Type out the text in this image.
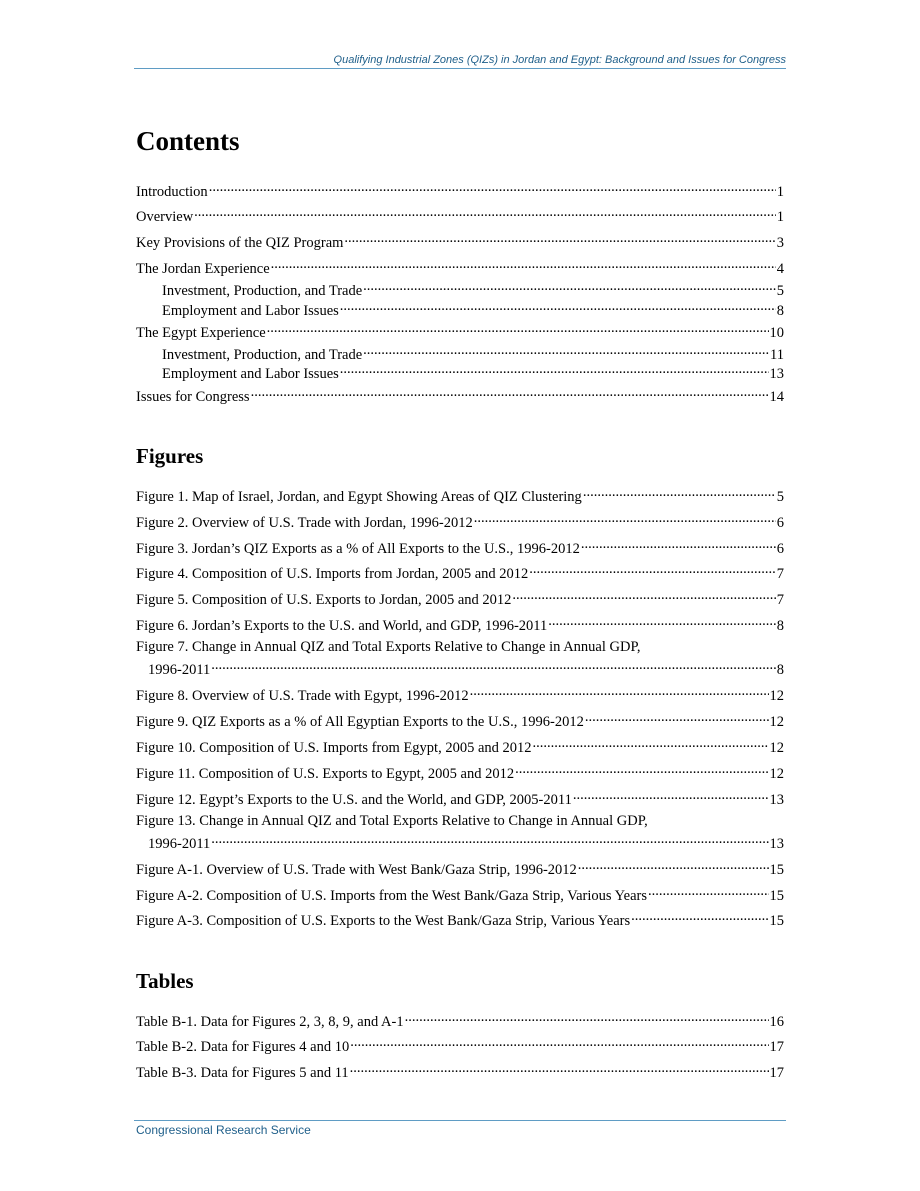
Qualifying Industrial Zones (QIZs) in Jordan and Egypt: Background and Issues for Congress
Contents
Introduction .....	1
Overview .....	1
Key Provisions of the QIZ Program .....	3
The Jordan Experience .....	4
Investment, Production, and Trade .....	5
Employment and Labor Issues .....	8
The Egypt Experience .....	10
Investment, Production, and Trade .....	11
Employment and Labor Issues .....	13
Issues for Congress .....	14
Figures
Figure 1. Map of Israel, Jordan, and Egypt Showing Areas of QIZ Clustering .....	5
Figure 2. Overview of U.S. Trade with Jordan, 1996-2012 .....	6
Figure 3. Jordan’s QIZ Exports as a % of All Exports to the U.S., 1996-2012 .....	6
Figure 4. Composition of U.S. Imports from Jordan, 2005 and 2012 .....	7
Figure 5. Composition of U.S. Exports to Jordan, 2005 and 2012 .....	7
Figure 6. Jordan’s Exports to the U.S. and World, and GDP, 1996-2011 .....	8
Figure 7. Change in Annual QIZ and Total Exports Relative to Change in Annual GDP,
1996-2011 .....	8
Figure 8. Overview of U.S. Trade with Egypt, 1996-2012 .....	12
Figure 9. QIZ Exports as a % of All Egyptian Exports to the U.S., 1996-2012 .....	12
Figure 10. Composition of U.S. Imports from Egypt, 2005 and 2012 .....	12
Figure 11. Composition of U.S. Exports to Egypt, 2005 and 2012 .....	12
Figure 12. Egypt’s Exports to the U.S. and the World, and GDP, 2005-2011 .....	13
Figure 13. Change in Annual QIZ and Total Exports Relative to Change in Annual GDP,
1996-2011 .....	13
Figure A-1. Overview of U.S. Trade with West Bank/Gaza Strip, 1996-2012 .....	15
Figure A-2. Composition of U.S. Imports from the West Bank/Gaza Strip, Various Years .....	15
Figure A-3. Composition of U.S. Exports to the West Bank/Gaza Strip, Various Years .....	15
Tables
Table B-1. Data for Figures 2, 3, 8, 9, and A-1 .....	16
Table B-2. Data for Figures 4 and 10 .....	17
Table B-3. Data for Figures 5 and 11 .....	17
Congressional Research Service
